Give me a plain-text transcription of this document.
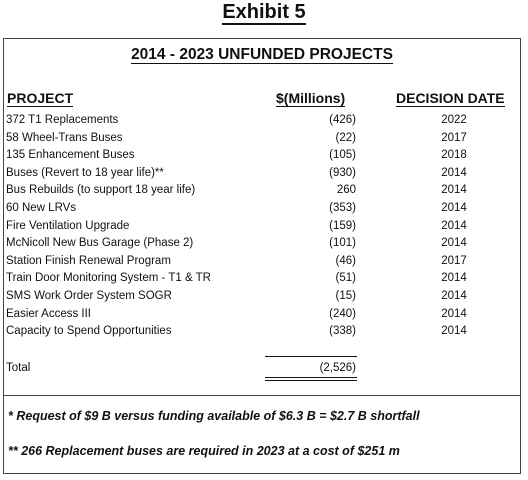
Exhibit 5
2014 - 2023 UNFUNDED PROJECTS
PROJECT	$(Millions)	DECISION DATE
372 T1 Replacements	(426)	2022
58 Wheel-Trans Buses	(22)	2017
135 Enhancement Buses	(105)	2018
Buses (Revert to 18 year life)**	(930)	2014
Bus Rebuilds (to support 18 year life)	260	2014
60 New LRVs	(353)	2014
Fire Ventilation Upgrade	(159)	2014
McNicoll New Bus Garage (Phase 2)	(101)	2014
Station Finish Renewal Program	(46)	2017
Train Door Monitoring System - T1 & TR	(51)	2014
SMS Work Order System SOGR	(15)	2014
Easier Access III	(240)	2014
Capacity to Spend Opportunities	(338)	2014
Total	(2,526)
* Request of $9 B versus funding available of $6.3 B = $2.7 B shortfall
** 266 Replacement buses are required in 2023 at a cost of $251 m
